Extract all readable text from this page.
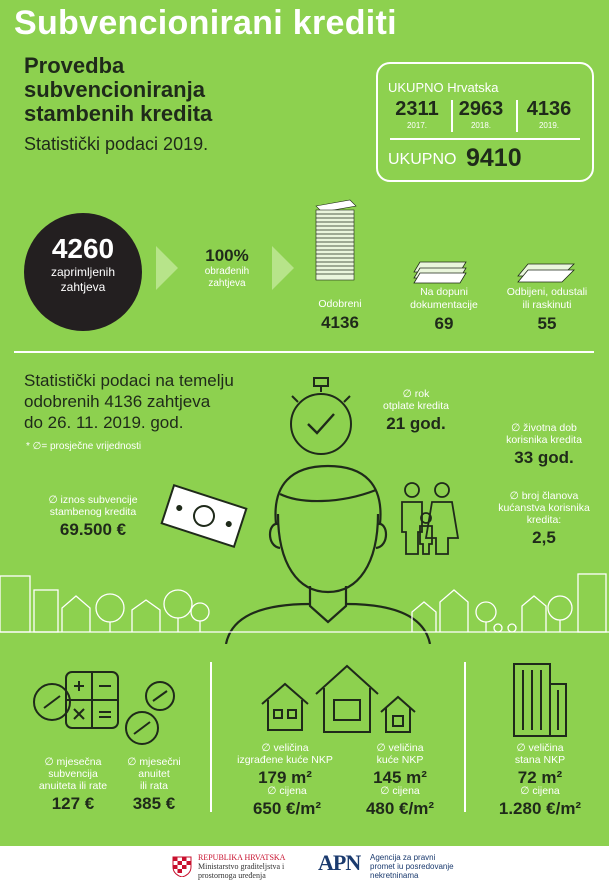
Subvencionirani krediti
Provedba
subvencioniranja
stambenih kredita
Statistički podaci 2019.
UKUPNO Hrvatska
2311
2017.
2963
2018.
4136
2019.
UKUPNO 9410
4260
zaprimljenih
zahtjeva
100%
obrađenih
zahtjeva
Odobreni
4136
Na dopuni
dokumentacije
69
Odbijeni, odustali
ili raskinuti
55
Statistički podaci na temelju
odobrenih 4136 zahtjeva
do 26. 11. 2019. god.
* ∅= prosječne vrijednosti
∅ rok
otplate kredita
21 god.	∅ životna dob
korisnika kredita
33 god.
∅ broj članova
kućanstva korisnika
kredita:
2,5
∅ iznos subvencije
stambenog kredita
69.500 €
∅ mjesečna
subvencija
anuiteta ili rate
127 €
∅ mjesečni
anuitet
ili rata
385 €
∅ veličina
izgrađene kuće NKP
179 m²
∅ cijena
650 €/m²
∅ veličina
kuće NKP
145 m²
∅ cijena
480 €/m²
∅ veličina
stana NKP
72 m²
∅ cijena
1.280 €/m²
REPUBLIKA HRVATSKA
Ministarstvo graditeljstva i
prostornoga uređenja
APN Agencija za pravni
promet iu posredovanje
nekretninama
